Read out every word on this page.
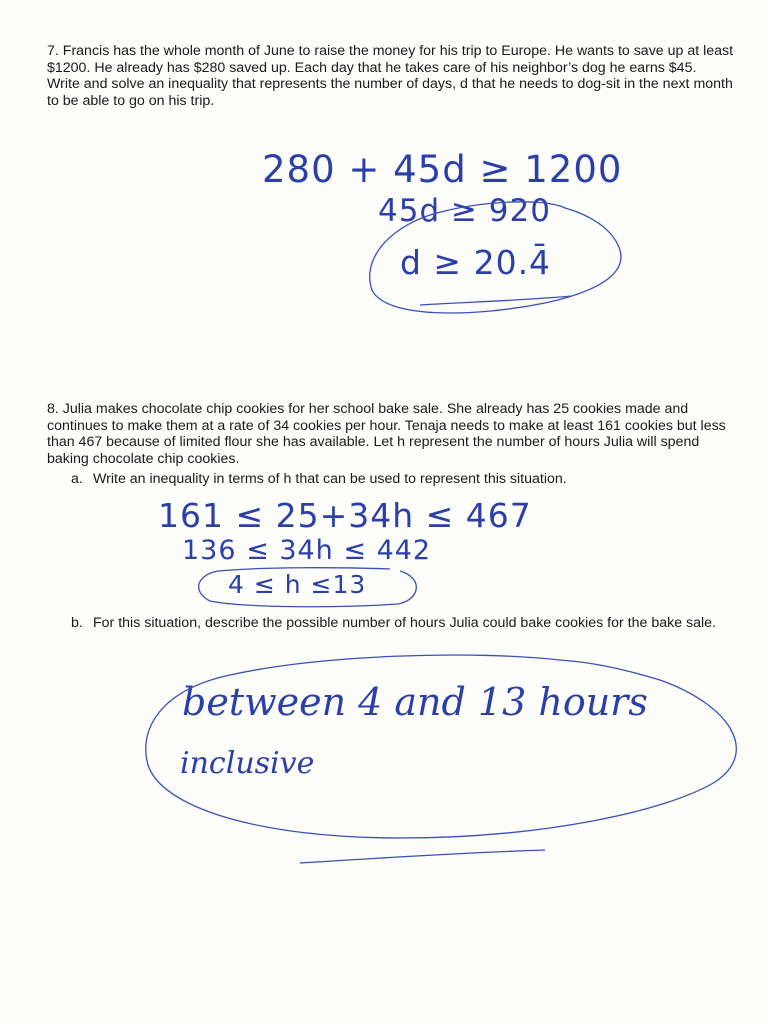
7. Francis has the whole month of June to raise the money for his trip to Europe. He wants to save up at least $1200. He already has $280 saved up. Each day that he takes care of his neighbor’s dog he earns $45.
Write and solve an inequality that represents the number of days, d that he needs to dog-sit in the next month to be able to go on his trip.
280 + 45d ≥ 1200
45d ≥ 920
d ≥ 20.4̄
8. Julia makes chocolate chip cookies for her school bake sale. She already has 25 cookies made and continues to make them at a rate of 34 cookies per hour. Tenaja needs to make at least 161 cookies but less than 467 because of limited flour she has available. Let h represent the number of hours Julia will spend baking chocolate chip cookies.
a. Write an inequality in terms of h that can be used to represent this situation.
161 ≤ 25+34h ≤ 467
136 ≤ 34h ≤ 442
4 ≤ h ≤13
b. For this situation, describe the possible number of hours Julia could bake cookies for the bake sale.
between 4 and 13 hours
inclusive
